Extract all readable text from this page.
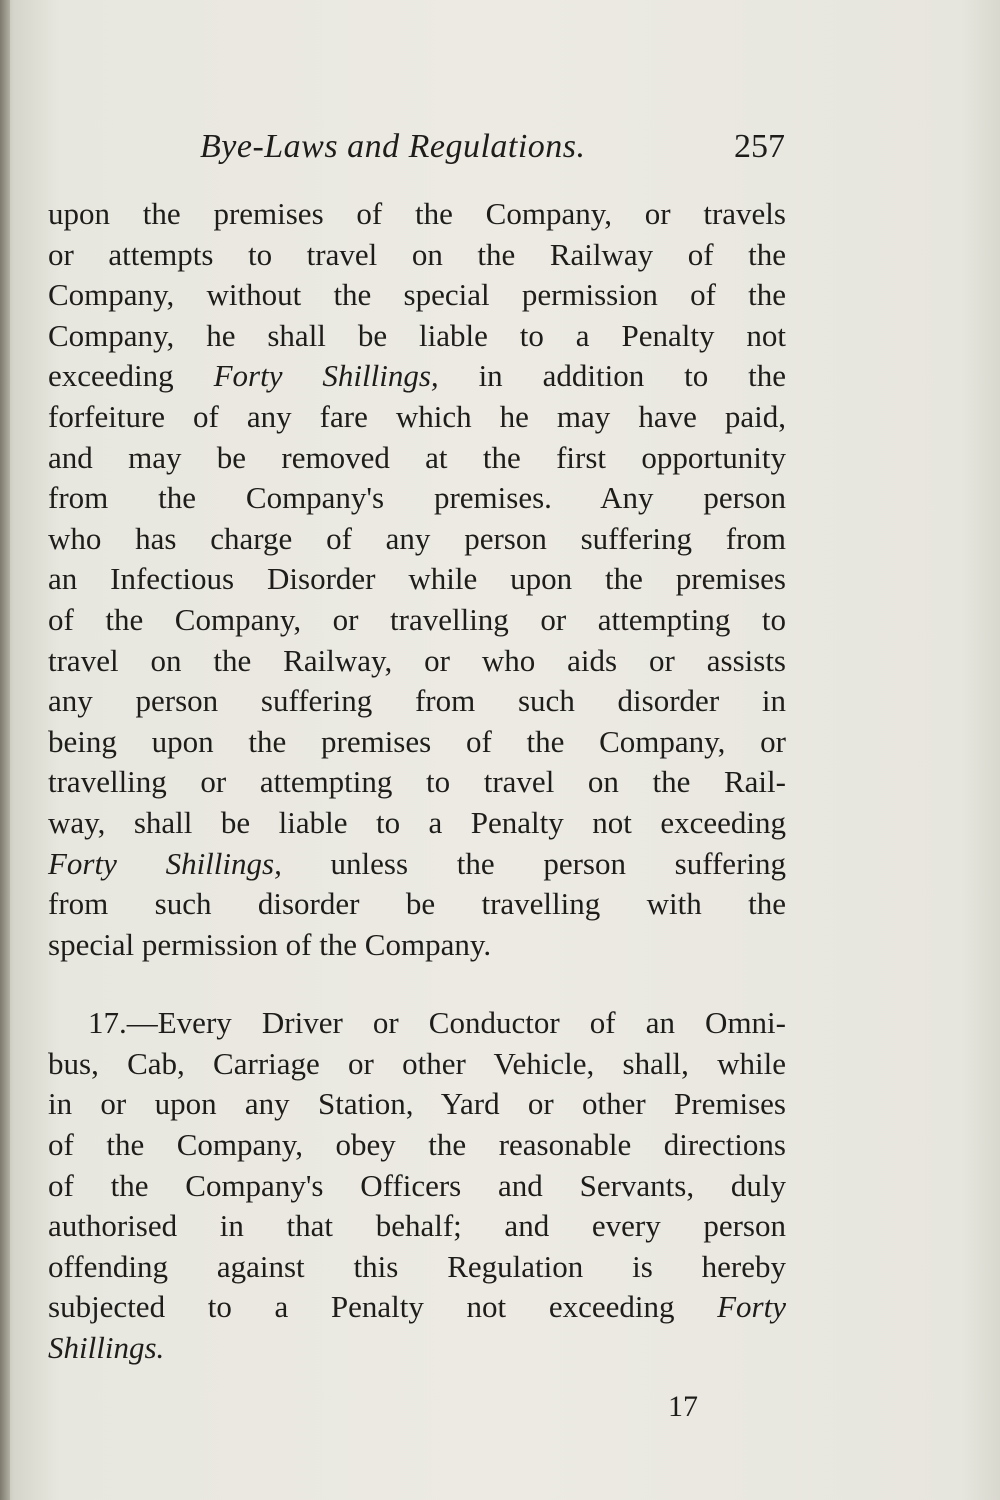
Bye-Laws and Regulations.	257
upon the premises of the Company, or travels
or attempts to travel on the Railway of the
Company, without the special permission of the
Company, he shall be liable to a Penalty not
exceeding Forty Shillings, in addition to the
forfeiture of any fare which he may have paid,
and may be removed at the first opportunity
from the Company's premises. Any person
who has charge of any person suffering from
an Infectious Disorder while upon the premises
of the Company, or travelling or attempting to
travel on the Railway, or who aids or assists
any person suffering from such disorder in
being upon the premises of the Company, or
travelling or attempting to travel on the Rail-
way, shall be liable to a Penalty not exceeding
Forty Shillings, unless the person suffering
from such disorder be travelling with the
special permission of the Company.
17.—Every Driver or Conductor of an Omni-
bus, Cab, Carriage or other Vehicle, shall, while
in or upon any Station, Yard or other Premises
of the Company, obey the reasonable directions
of the Company's Officers and Servants, duly
authorised in that behalf; and every person
offending against this Regulation is hereby
subjected to a Penalty not exceeding Forty
Shillings.
17
